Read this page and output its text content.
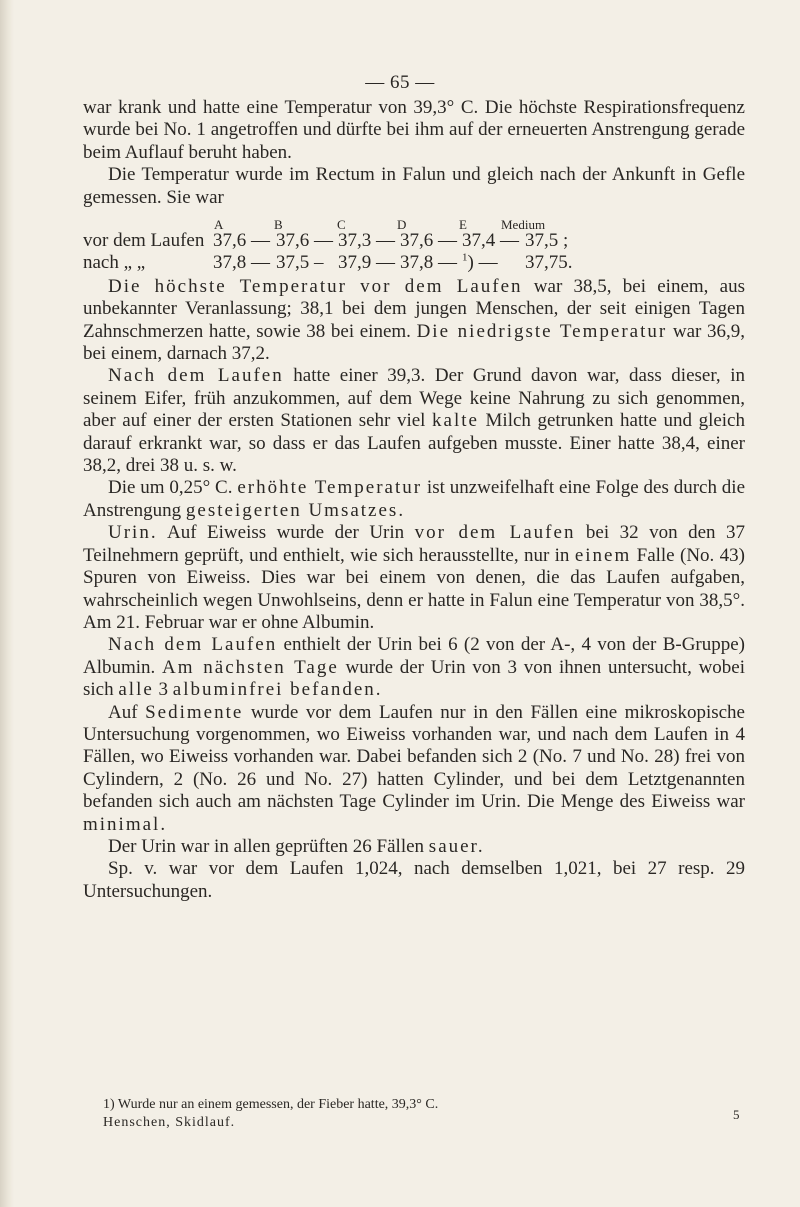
— 65 —

war krank und hatte eine Temperatur von 39,3° C. Die höchste Respirationsfrequenz wurde bei No. 1 angetroffen und dürfte bei ihm auf der erneuerten Anstrengung gerade beim Auflauf beruht haben.

Die Temperatur wurde im Rectum in Falun und gleich nach der Ankunft in Gefle gemessen. Sie war

A	B	C	D	E	Medium
vor dem Laufen 37,6 — 37,6 — 37,3 — 37,6 — 37,4 — 37,5 ;
nach „ „	37,8 — 37,5 – 37,9 — 37,8 — $^1$) — 37,75.

Die höchste Temperatur vor dem Laufen war 38,5, bei einem, aus unbekannter Veranlassung; 38,1 bei dem jungen Menschen, der seit einigen Tagen Zahnschmerzen hatte, sowie 38 bei einem. Die niedrigste Temperatur war 36,9, bei einem, darnach 37,2.

Nach dem Laufen hatte einer 39,3. Der Grund davon war, dass dieser, in seinem Eifer, früh anzukommen, auf dem Wege keine Nahrung zu sich genommen, aber auf einer der ersten Stationen sehr viel kalte Milch getrunken hatte und gleich darauf erkrankt war, so dass er das Laufen aufgeben musste. Einer hatte 38,4, einer 38,2, drei 38 u. s. w.

Die um 0,25° C. erhöhte Temperatur ist unzweifelhaft eine Folge des durch die Anstrengung gesteigerten Umsatzes.

Urin. Auf Eiweiss wurde der Urin vor dem Laufen bei 32 von den 37 Teilnehmern geprüft, und enthielt, wie sich herausstellte, nur in einem Falle (No. 43) Spuren von Eiweiss. Dies war bei einem von denen, die das Laufen aufgaben, wahrscheinlich wegen Unwohlseins, denn er hatte in Falun eine Temperatur von 38,5°. Am 21. Februar war er ohne Albumin.

Nach dem Laufen enthielt der Urin bei 6 (2 von der A-, 4 von der B-Gruppe) Albumin. Am nächsten Tage wurde der Urin von 3 von ihnen untersucht, wobei sich alle 3 albuminfrei befanden.

Auf Sedimente wurde vor dem Laufen nur in den Fällen eine mikroskopische Untersuchung vorgenommen, wo Eiweiss vorhanden war, und nach dem Laufen in 4 Fällen, wo Eiweiss vorhanden war. Dabei befanden sich 2 (No. 7 und No. 28) frei von Cylindern, 2 (No. 26 und No. 27) hatten Cylinder, und bei dem Letztgenannten befanden sich auch am nächsten Tage Cylinder im Urin. Die Menge des Eiweiss war minimal.

Der Urin war in allen geprüften 26 Fällen sauer.

Sp. v. war vor dem Laufen 1,024, nach demselben 1,021, bei 27 resp. 29 Untersuchungen.

1) Wurde nur an einem gemessen, der Fieber hatte, 39,3° C.
Henschen, Skidlauf.
5
